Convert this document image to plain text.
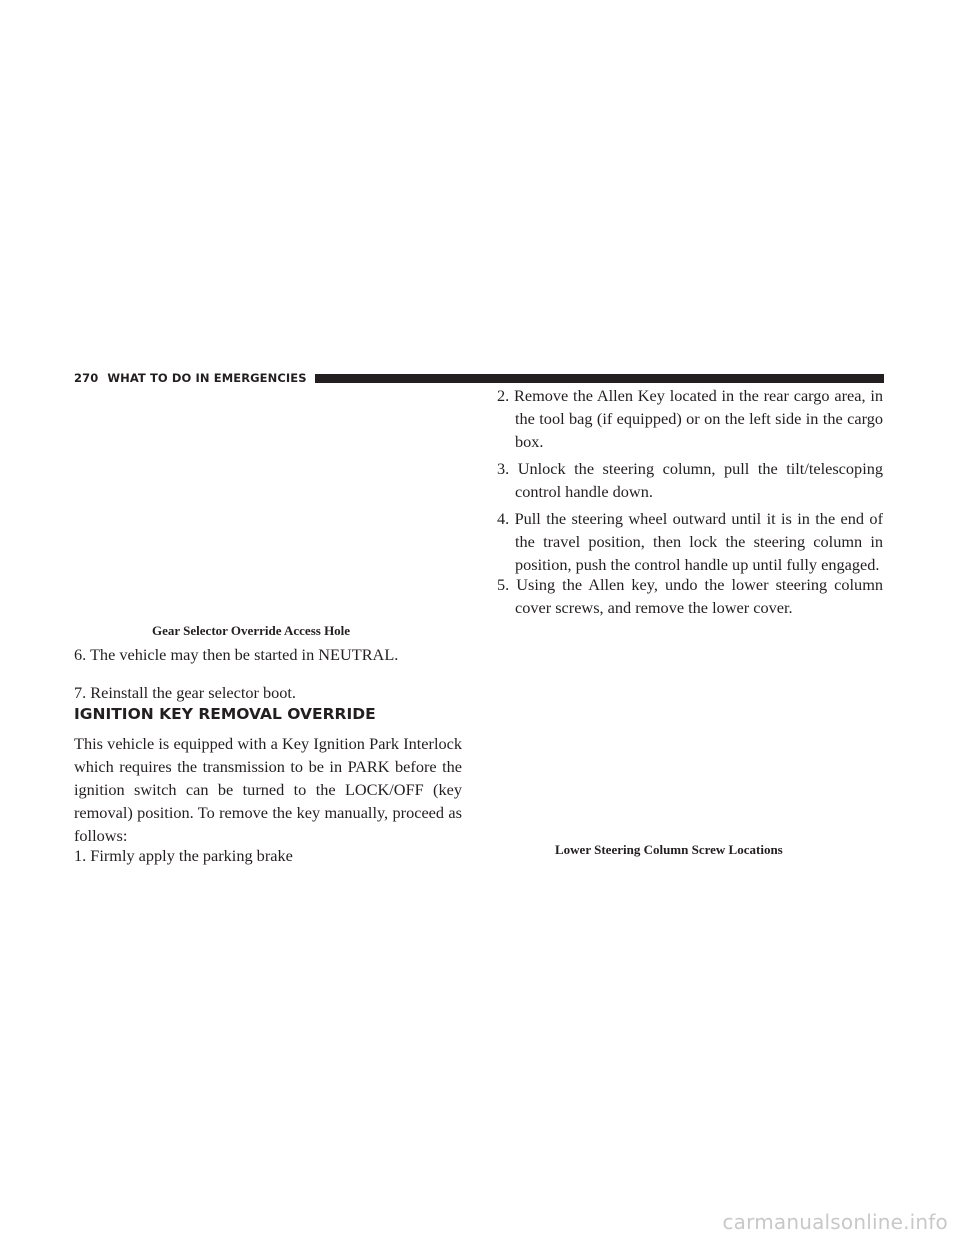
270 WHAT TO DO IN EMERGENCIES
Gear Selector Override Access Hole

6. The vehicle may then be started in NEUTRAL.

7. Reinstall the gear selector boot.

IGNITION KEY REMOVAL OVERRIDE

This vehicle is equipped with a Key Ignition Park Interlock which requires the transmission to be in PARK before the ignition switch can be turned to the LOCK/OFF (key removal) position. To remove the key manually, proceed as follows:

1. Firmly apply the parking brake

2. Remove the Allen Key located in the rear cargo area, in the tool bag (if equipped) or on the left side in the cargo box.
3. Unlock the steering column, pull the tilt/telescoping control handle down.
4. Pull the steering wheel outward until it is in the end of the travel position, then lock the steering column in position, push the control handle up until fully engaged.
5. Using the Allen key, undo the lower steering column cover screws, and remove the lower cover.
Lower Steering Column Screw Locations
carmanualsonline.info
